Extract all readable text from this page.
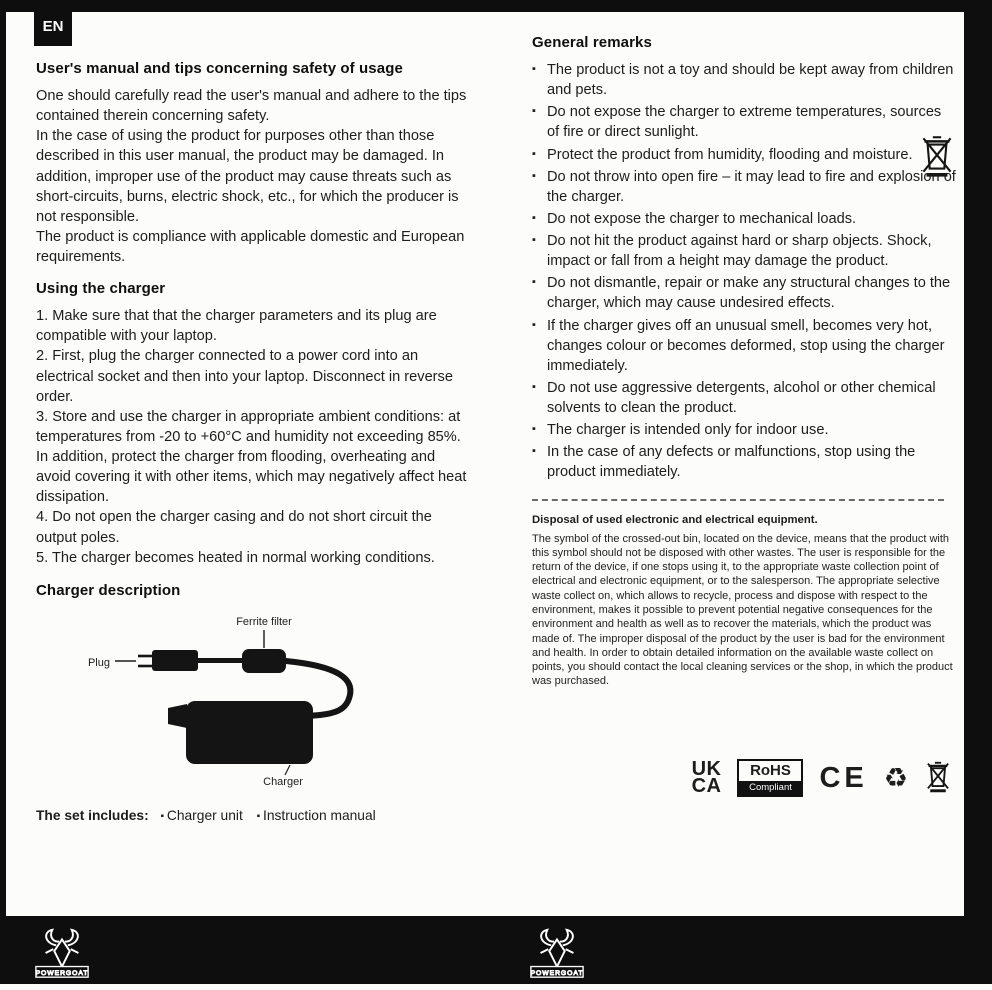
EN
User's manual and tips concerning safety of usage

One should carefully read the user's manual and adhere to the tips contained therein concerning safety.

In the case of using the product for purposes other than those described in this user manual, the product may be damaged. In addition, improper use of the product may cause threats such as short-circuits, burns, electric shock, etc., for which the producer is not responsible.

The product is compliance with applicable domestic and European requirements.

Using the charger

1. Make sure that that the charger parameters and its plug are compatible with your laptop.

2. First, plug the charger connected to a power cord into an electrical socket and then into your laptop. Disconnect in reverse order.

3. Store and use the charger in appropriate ambient conditions: at temperatures from -20 to +60°C and humidity not exceeding 85%. In addition, protect the charger from flooding, overheating and avoid covering it with other items, which may negatively affect heat dissipation.

4. Do not open the charger casing and do not short circuit the output poles.

5. The charger becomes heated in normal working conditions.

Charger description
Plug
Ferrite filter
Charger
The set includes: ▪ Charger unit ▪ Instruction manual
General remarks
▪ The product is not a toy and should be kept away from children and pets.
▪ Do not expose the charger to extreme temperatures, sources of fire or direct sunlight.
▪ Protect the product from humidity, flooding and moisture.
▪ Do not throw into open fire – it may lead to fire and explosion of the charger.
▪ Do not expose the charger to mechanical loads.
▪ Do not hit the product against hard or sharp objects. Shock, impact or fall from a height may damage the product.
▪ Do not dismantle, repair or make any structural changes to the charger, which may cause undesired effects.
▪ If the charger gives off an unusual smell, becomes very hot, changes colour or becomes deformed, stop using the charger immediately.
▪ Do not use aggressive detergents, alcohol or other chemical solvents to clean the product.
▪ The charger is intended only for indoor use.
▪ In the case of any defects or malfunctions, stop using the product immediately.

Disposal of used electronic and electrical equipment.

The symbol of the crossed-out bin, located on the device, means that the product with this symbol should not be disposed with other wastes. The user is responsible for the return of the device, if one stops using it, to the appropriate waste collection point of electrical and electronic equipment, or to the salesperson. The appropriate selective waste collect on, which allows to recycle, process and dispose with respect to the environment, makes it possible to prevent potential negative consequences for the environment and health as well as to recover the materials, which the product was made of. The improper disposal of the product by the user is bad for the environment and health. In order to obtain detailed information on the available waste collect on points, you should contact the local cleaning services or the shop, in which the product was purchased.

UK
CA
RoHS
Compliant CE ♻
POWERGOAT	POWERGOAT
